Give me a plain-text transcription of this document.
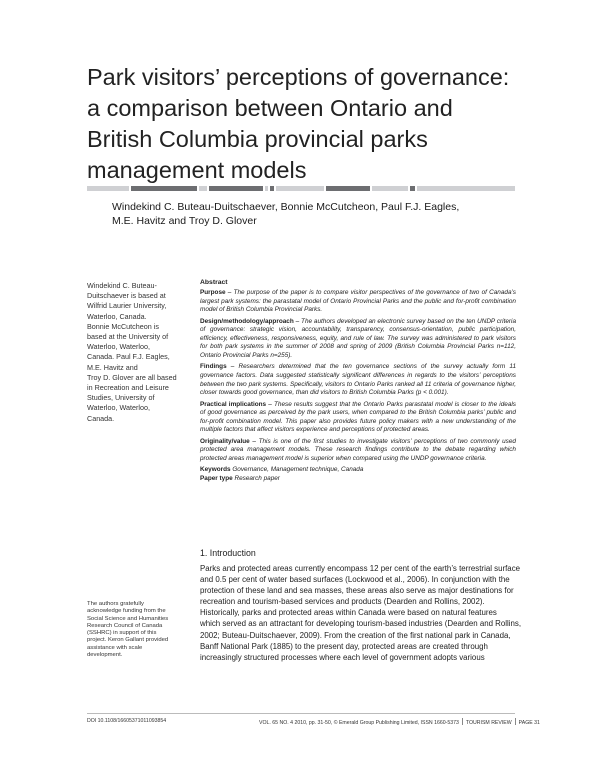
Park visitors’ perceptions of governance:
a comparison between Ontario and
British Columbia provincial parks
management models
Windekind C. Buteau-Duitschaever, Bonnie McCutcheon, Paul F.J. Eagles,
M.E. Havitz and Troy D. Glover
Windekind C. Buteau-
Duitschaever is based at
Wilfrid Laurier University,
Waterloo, Canada.
Bonnie McCutcheon is
based at the University of
Waterloo, Waterloo,
Canada. Paul F.J. Eagles,
M.E. Havitz and
Troy D. Glover are all based
in Recreation and Leisure
Studies, University of
Waterloo, Waterloo,
Canada.
Abstract

Purpose – The purpose of the paper is to compare visitor perspectives of the governance of two of Canada’s largest park systems: the parastatal model of Ontario Provincial Parks and the public and for-profit combination model of British Columbia Provincial Parks.

Design/methodology/approach – The authors developed an electronic survey based on the ten UNDP criteria of governance: strategic vision, accountability, transparency, consensus-orientation, public participation, efficiency, effectiveness, responsiveness, equity, and rule of law. The survey was administered to park visitors for both park systems in the summer of 2008 and spring of 2009 (British Columbia Provincial Parks n=112, Ontario Provincial Parks n=255).

Findings – Researchers determined that the ten governance sections of the survey actually form 11 governance factors. Data suggested statistically significant differences in regards to the visitors’ perceptions between the two park systems. Specifically, visitors to Ontario Parks ranked all 11 criteria of governance higher, closer towards good governance, than did visitors to British Columbia Parks (p < 0.001).

Practical implications – These results suggest that the Ontario Parks parastatal model is closer to the ideals of good governance as perceived by the park users, when compared to the British Columbia parks’ public and for-profit combination model. This paper also provides future policy makers with a new understanding of the multiple factors that affect visitors experience and perceptions of protected areas.

Originality/value – This is one of the first studies to investigate visitors’ perceptions of two commonly used protected area management models. These research findings contribute to the debate regarding which protected areas management model is superior when compared using the UNDP governance criteria.

Keywords Governance, Management technique, Canada

Paper type Research paper

1. Introduction
Parks and protected areas currently encompass 12 per cent of the earth’s terrestrial surface
and 0.5 per cent of water based surfaces (Lockwood et al., 2006). In conjunction with the
protection of these land and sea masses, these areas also serve as major destinations for
recreation and tourism-based services and products (Dearden and Rollins, 2002).
Historically, parks and protected areas within Canada were based on natural features
which served as an attractant for developing tourism-based industries (Dearden and Rollins,
2002; Buteau-Duitschaever, 2009). From the creation of the first national park in Canada,
Banff National Park (1885) to the present day, protected areas are created through
increasingly structured processes where each level of government adopts various
The authors gratefully
acknowledge funding from the
Social Science and Humanities
Research Council of Canada
(SSHRC) in support of this
project. Keron Gallant provided
assistance with scale
development.
DOI 10.1108/16605371011093854	VOL. 65 NO. 4 2010, pp. 31-50, © Emerald Group Publishing Limited, ISSN 1660-5373 TOURISM REVIEW PAGE 31
